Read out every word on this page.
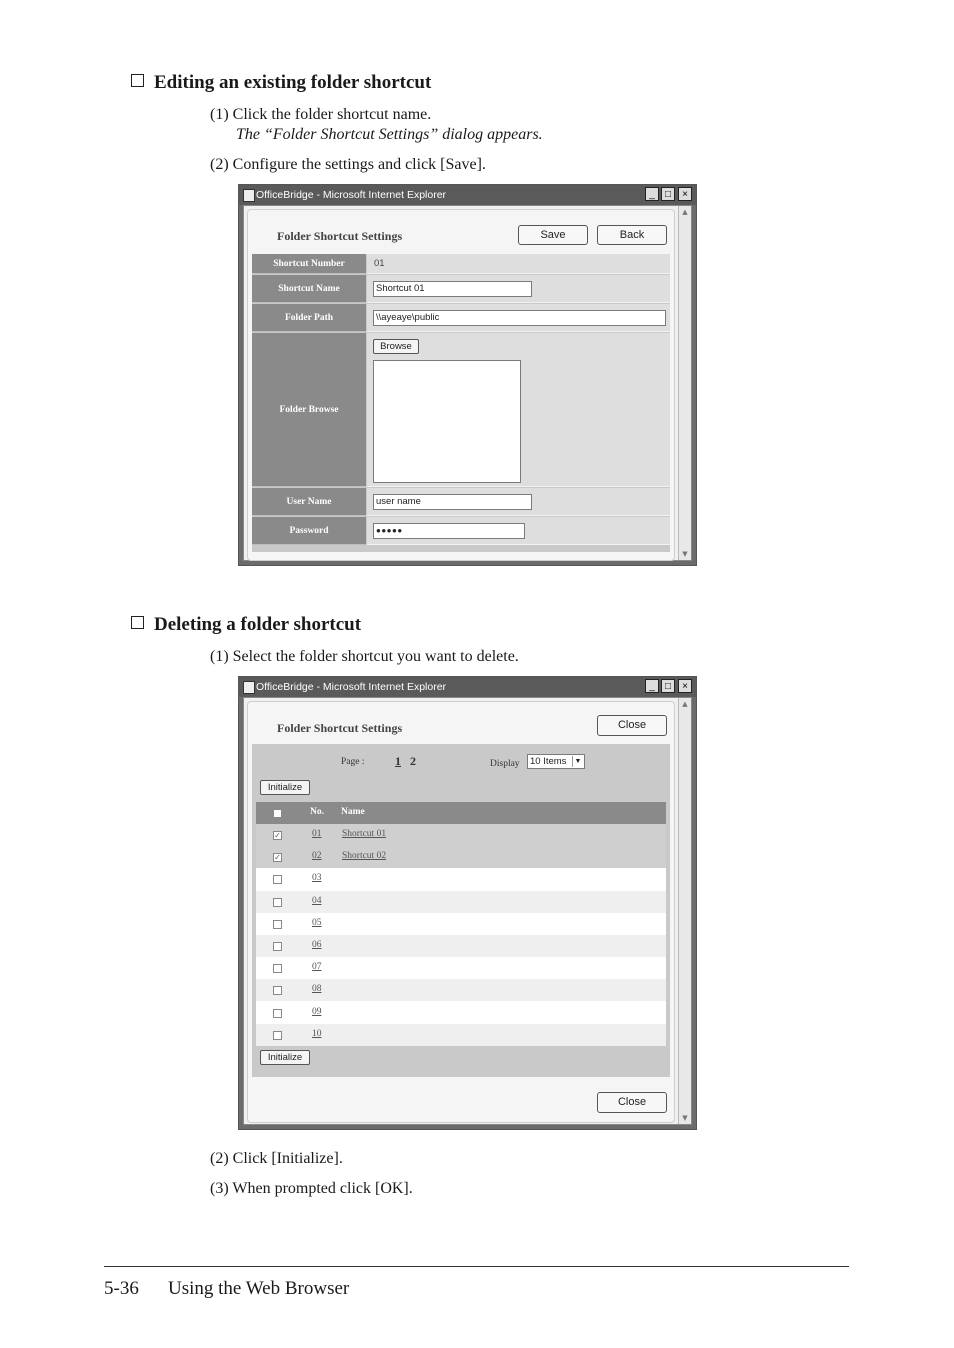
Editing an existing folder shortcut
(1) Click the folder shortcut name.
The “Folder Shortcut Settings” dialog appears.
(2) Configure the settings and click [Save].
OfficeBridge - Microsoft Internet Explorer	_	□	×
▲
▼
Folder Shortcut Settings	Save	Back
Shortcut Number	01
Shortcut Name	Shortcut 01
Folder Path	\\ayeaye\public
Folder Browse
Browse
User Name	user name
Password	●●●●●
Deleting a folder shortcut
(1) Select the folder shortcut you want to delete.
OfficeBridge - Microsoft Internet Explorer	_	□	×
▲
▼
Folder Shortcut Settings	Close
Page :	1 2	Display	10 Items	▼
Initialize
No. Name
✓	01 Shortcut 01
✓	02 Shortcut 02
03
04
05
06
07
08
09
10
Initialize
Close
(2) Click [Initialize].
(3) When prompted click [OK].
5-36 Using the Web Browser
